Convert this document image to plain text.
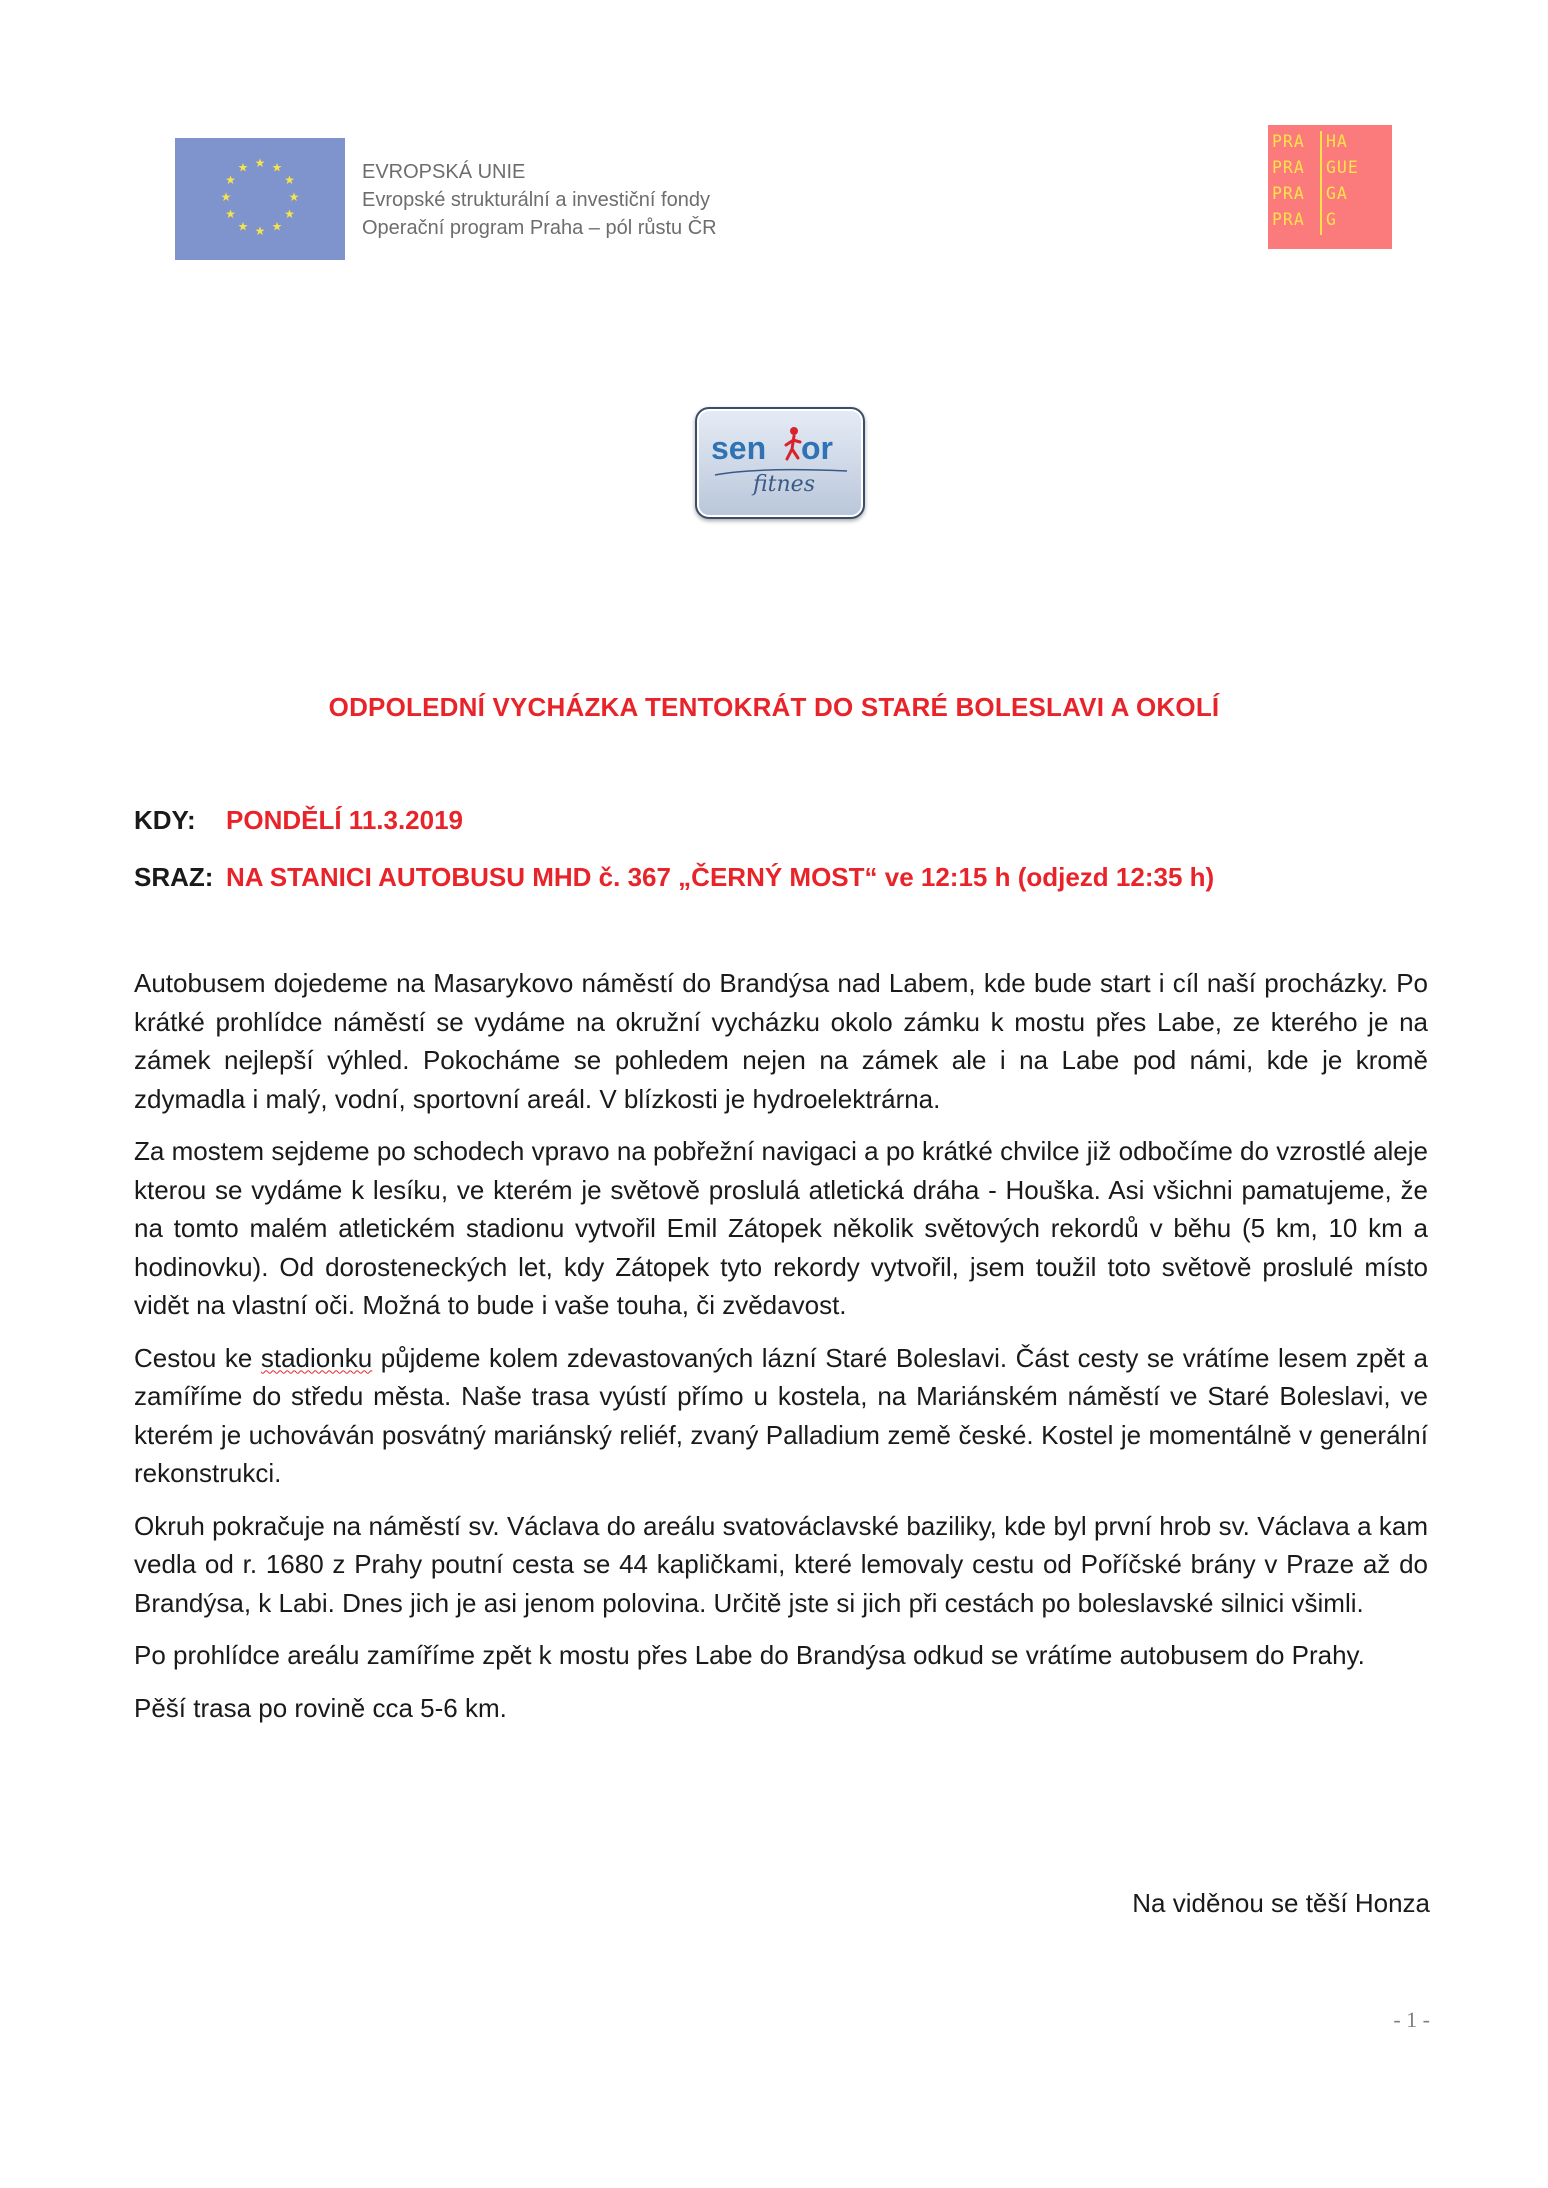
★ ★
★
★
★
★
★
★
★
★
★
★	EVROPSKÁ UNIE
Evropské strukturální a investiční fondy
Operační program Praha – pól růstu ČR
PRA
PRA
PRA
PRA
HA
GUE
GA
G
sen or
fitnes
ODPOLEDNÍ VYCHÁZKA TENTOKRÁT DO STARÉ BOLESLAVI A OKOLÍ
KDY: PONDĚLÍ 11.3.2019
SRAZ: NA STANICI AUTOBUSU MHD č. 367 „ČERNÝ MOST“ ve 12:15 h (odjezd 12:35 h)

Autobusem dojedeme na Masarykovo náměstí do Brandýsa nad Labem, kde bude start i cíl naší procházky. Po krátké prohlídce náměstí se vydáme na okružní vycházku okolo zámku k mostu přes Labe, ze kterého je na zámek nejlepší výhled. Pokocháme se pohledem nejen na zámek ale i na Labe pod námi, kde je kromě zdymadla i malý, vodní, sportovní areál. V blízkosti je hydroelektrárna.

Za mostem sejdeme po schodech vpravo na pobřežní navigaci a po krátké chvilce již odbočíme do vzrostlé aleje kterou se vydáme k lesíku, ve kterém je světově proslulá atletická dráha - Houška. Asi všichni pamatujeme, že na tomto malém atletickém stadionu vytvořil Emil Zátopek několik světových rekordů v běhu (5 km, 10 km a hodinovku). Od dorosteneckých let, kdy Zátopek tyto rekordy vytvořil, jsem toužil toto světově proslulé místo vidět na vlastní oči. Možná to bude i vaše touha, či zvědavost.

Cestou ke stadionku půjdeme kolem zdevastovaných lázní Staré Boleslavi. Část cesty se vrátíme lesem zpět a zamíříme do středu města. Naše trasa vyústí přímo u kostela, na Mariánském náměstí ve Staré Boleslavi, ve kterém je uchováván posvátný mariánský reliéf, zvaný Palladium země české. Kostel je momentálně v generální rekonstrukci.

Okruh pokračuje na náměstí sv. Václava do areálu svatováclavské baziliky, kde byl první hrob sv. Václava a kam vedla od r. 1680 z Prahy poutní cesta se 44 kapličkami, které lemovaly cestu od Poříčské brány v Praze až do Brandýsa, k Labi. Dnes jich je asi jenom polovina. Určitě jste si jich při cestách po boleslavské silnici všimli.

Po prohlídce areálu zamíříme zpět k mostu přes Labe do Brandýsa odkud se vrátíme autobusem do Prahy.

Pěší trasa po rovině cca 5-6 km.

Na viděnou se těší Honza
- 1 -
